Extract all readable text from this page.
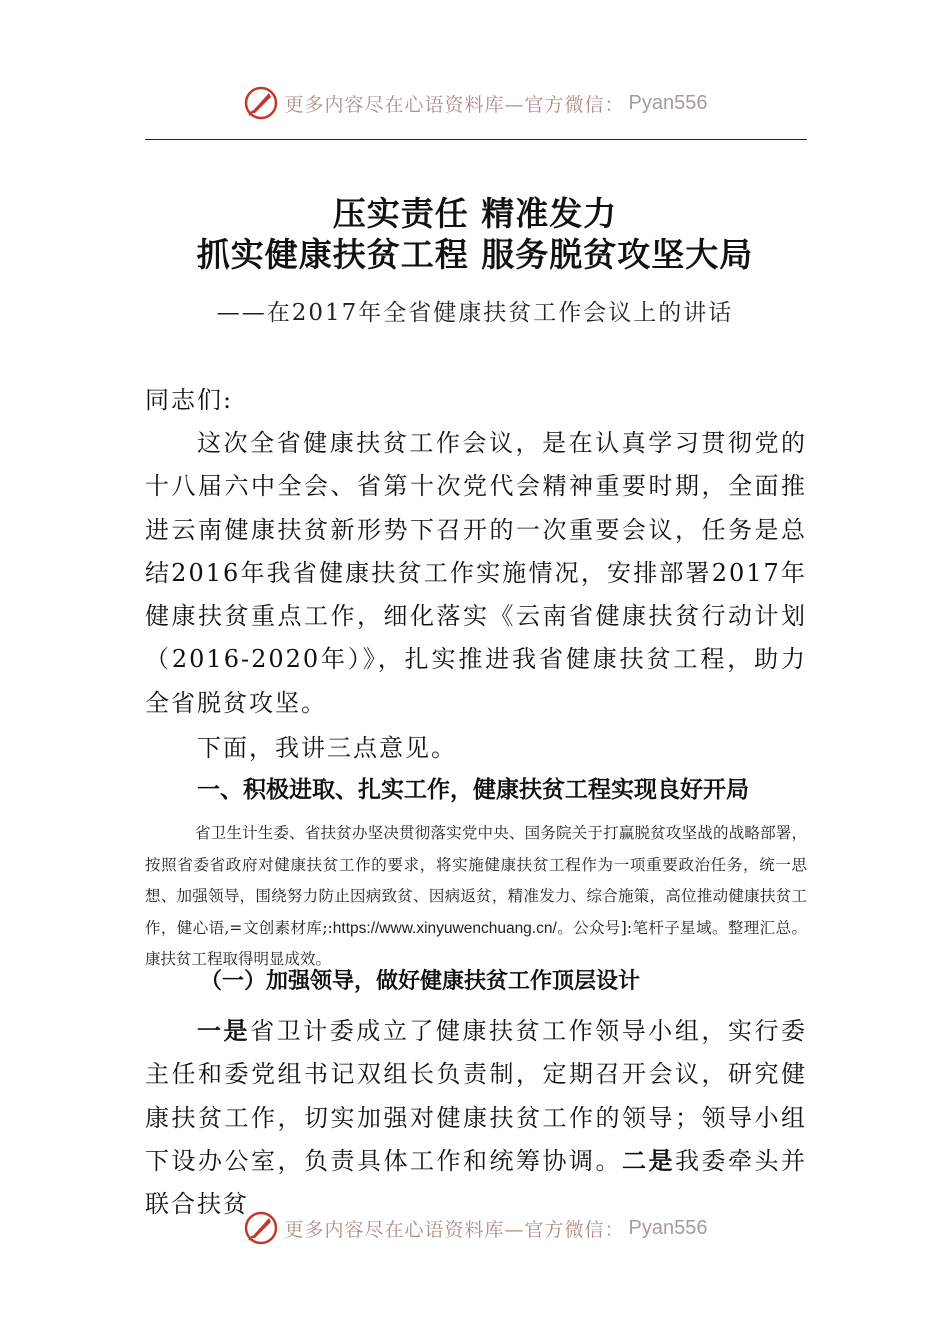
更多内容尽在心语资料库—官方微信： Pyan556
压实责任 精准发力
抓实健康扶贫工程 服务脱贫攻坚大局
——在2017年全省健康扶贫工作会议上的讲话
同志们:
这次全省健康扶贫工作会议，是在认真学习贯彻党的十八届六中全会、省第十次党代会精神重要时期，全面推进云南健康扶贫新形势下召开的一次重要会议，任务是总结2016年我省健康扶贫工作实施情况，安排部署2017年健康扶贫重点工作，细化落实《云南省健康扶贫行动计划（2016-2020年）》，扎实推进我省健康扶贫工程，助力全省脱贫攻坚。
下面，我讲三点意见。
一、积极进取、扎实工作，健康扶贫工程实现良好开局
省卫生计生委、省扶贫办坚决贯彻落实党中央、国务院关于打赢脱贫攻坚战的战略部署，按照省委省政府对健康扶贫工作的要求，将实施健康扶贫工程作为一项重要政治任务，统一思想、加强领导，围绕努力防止因病致贫、因病返贫，精准发力、综合施策，高位推动健康扶贫工作，健心语,=文创素材库;:https://www.xinyuwenchuang.cn/。公众号]:笔杆子星域。整理汇总。康扶贫工程取得明显成效。
（一）加强领导，做好健康扶贫工作顶层设计
一是省卫计委成立了健康扶贫工作领导小组，实行委主任和委党组书记双组长负责制，定期召开会议，研究健康扶贫工作，切实加强对健康扶贫工作的领导；领导小组下设办公室，负责具体工作和统筹协调。二是我委牵头并联合扶贫
更多内容尽在心语资料库—官方微信： Pyan556
